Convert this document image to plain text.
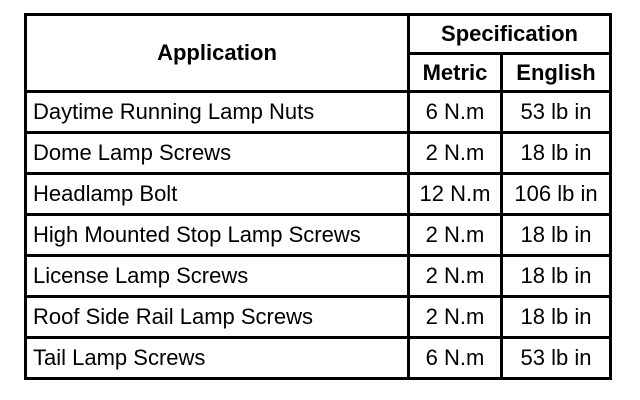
Application	Specification	
	Metric	English
Daytime Running Lamp Nuts	6 N.m	53 lb in
Dome Lamp Screws	2 N.m	18 lb in
Headlamp Bolt	12 N.m	106 lb in
High Mounted Stop Lamp Screws	2 N.m	18 lb in
License Lamp Screws	2 N.m	18 lb in
Roof Side Rail Lamp Screws	2 N.m	18 lb in
Tail Lamp Screws	6 N.m	53 lb in
